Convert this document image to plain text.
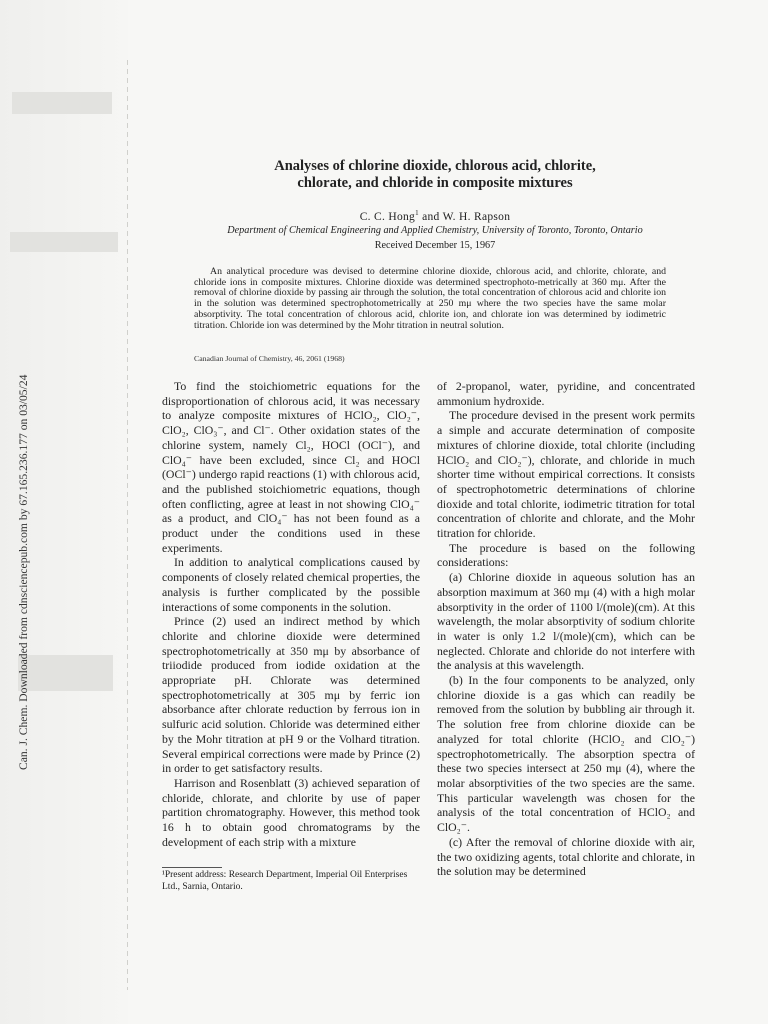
Can. J. Chem. Downloaded from cdnsciencepub.com by 67.165.236.177 on 03/05/24
Analyses of chlorine dioxide, chlorous acid, chlorite,
chlorate, and chloride in composite mixtures
C. C. Hong$^1$ and W. H. Rapson
Department of Chemical Engineering and Applied Chemistry, University of Toronto, Toronto, Ontario
Received December 15, 1967

An analytical procedure was devised to determine chlorine dioxide, chlorous acid, and chlorite, chlorate, and chloride ions in composite mixtures. Chlorine dioxide was determined spectrophoto-metrically at 360 mμ. After the removal of chlorine dioxide by passing air through the solution, the total concentration of chlorous acid and chlorite ion in the solution was determined spectrophotometrically at 250 mμ where the two species have the same molar absorptivity. The total concentration of chlorous acid, chlorite ion, and chlorate ion was determined by iodimetric titration. Chloride ion was determined by the Mohr titration in neutral solution.

Canadian Journal of Chemistry, 46, 2061 (1968)

To find the stoichiometric equations for the disproportionation of chlorous acid, it was necessary to analyze composite mixtures of HClO₂, ClO₂⁻, ClO₂, ClO₃⁻, and Cl⁻. Other oxidation states of the chlorine system, namely Cl₂, HOCl (OCl⁻), and ClO₄⁻ have been excluded, since Cl₂ and HOCl (OCl⁻) undergo rapid reactions (1) with chlorous acid, and the published stoichiometric equations, though often conflicting, agree at least in not showing ClO₄⁻ as a product, and ClO₄⁻ has not been found as a product under the conditions used in these experiments.

In addition to analytical complications caused by components of closely related chemical properties, the analysis is further complicated by the possible interactions of some components in the solution.

Prince (2) used an indirect method by which chlorite and chlorine dioxide were determined spectrophotometrically at 350 mμ by absorbance of triiodide produced from iodide oxidation at the appropriate pH. Chlorate was determined spectrophotometrically at 305 mμ by ferric ion absorbance after chlorate reduction by ferrous ion in sulfuric acid solution. Chloride was determined either by the Mohr titration at pH 9 or the Volhard titration. Several empirical corrections were made by Prince (2) in order to get satisfactory results.

Harrison and Rosenblatt (3) achieved separation of chloride, chlorate, and chlorite by use of paper partition chromatography. However, this method took 16 h to obtain good chromatograms by the development of each strip with a mixture

of 2-propanol, water, pyridine, and concentrated ammonium hydroxide.

The procedure devised in the present work permits a simple and accurate determination of composite mixtures of chlorine dioxide, total chlorite (including HClO₂ and ClO₂⁻), chlorate, and chloride in much shorter time without empirical corrections. It consists of spectrophotometric determinations of chlorine dioxide and total chlorite, iodimetric titration for total concentration of chlorite and chlorate, and the Mohr titration for chloride.

The procedure is based on the following considerations:

(a) Chlorine dioxide in aqueous solution has an absorption maximum at 360 mμ (4) with a high molar absorptivity in the order of 1100 l/(mole)(cm). At this wavelength, the molar absorptivity of sodium chlorite in water is only 1.2 l/(mole)(cm), which can be neglected. Chlorate and chloride do not interfere with the analysis at this wavelength.

(b) In the four components to be analyzed, only chlorine dioxide is a gas which can readily be removed from the solution by bubbling air through it. The solution free from chlorine dioxide can be analyzed for total chlorite (HClO₂ and ClO₂⁻) spectrophotometrically. The absorption spectra of these two species intersect at 250 mμ (4), where the molar absorptivities of the two species are the same. This particular wavelength was chosen for the analysis of the total concentration of HClO₂ and ClO₂⁻.

(c) After the removal of chlorine dioxide with air, the two oxidizing agents, total chlorite and chlorate, in the solution may be determined

¹Present address: Research Department, Imperial Oil Enterprises Ltd., Sarnia, Ontario.
